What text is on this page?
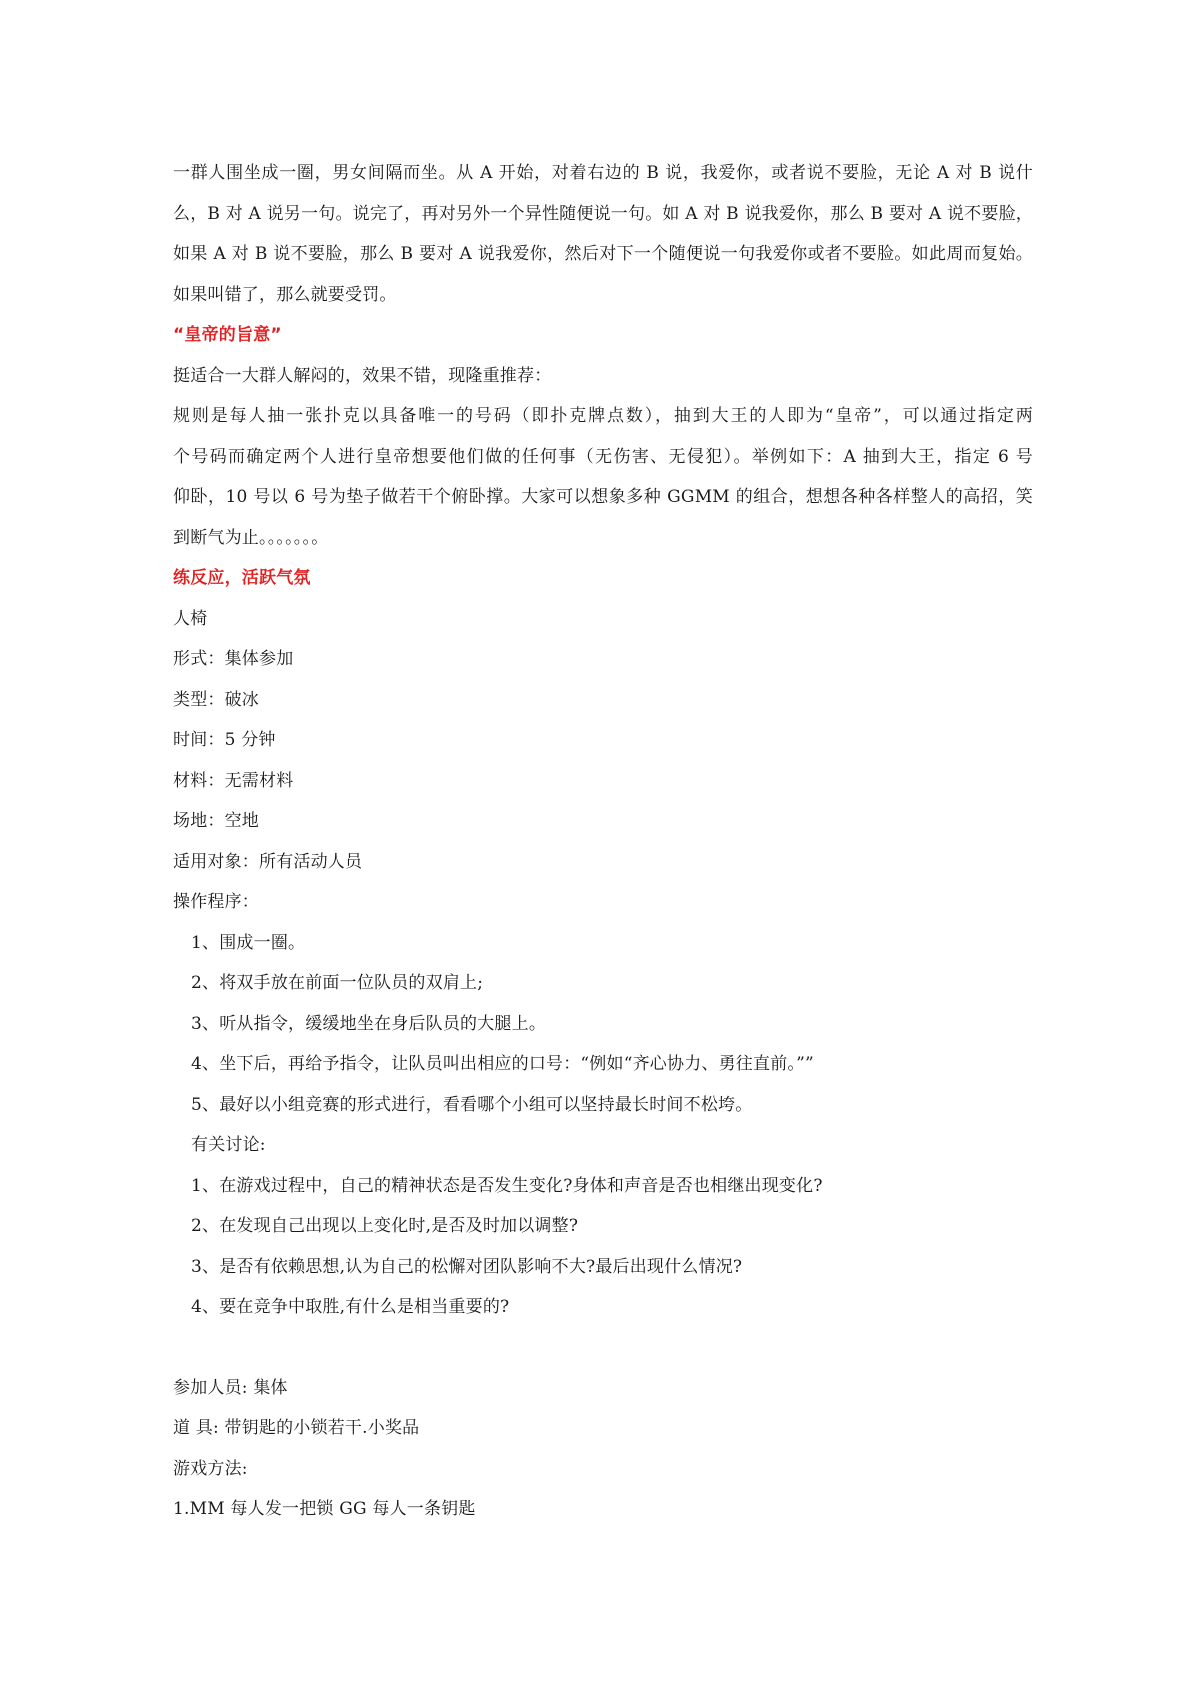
一群人围坐成一圈，男女间隔而坐。从 A 开始，对着右边的 B 说，我爱你，或者说不要脸，无论 A 对 B 说什
么，B 对 A 说另一句。说完了，再对另外一个异性随便说一句。如 A 对 B 说我爱你，那么 B 要对 A 说不要脸，
如果 A 对 B 说不要脸，那么 B 要对 A 说我爱你，然后对下一个随便说一句我爱你或者不要脸。如此周而复始。
如果叫错了，那么就要受罚。
“皇帝的旨意”
挺适合一大群人解闷的，效果不错，现隆重推荐：
规则是每人抽一张扑克以具备唯一的号码（即扑克牌点数），抽到大王的人即为“皇帝”，可以通过指定两
个号码而确定两个人进行皇帝想要他们做的任何事（无伤害、无侵犯）。举例如下：A 抽到大王，指定 6 号
仰卧，10 号以 6 号为垫子做若干个俯卧撑。大家可以想象多种 GGMM 的组合，想想各种各样整人的高招，笑
到断气为止。。。。。。。
练反应，活跃气氛
人椅
形式：集体参加
类型：破冰
时间：5 分钟
材料：无需材料
场地：空地
适用对象：所有活动人员
操作程序：
1、围成一圈。
2、将双手放在前面一位队员的双肩上;
3、听从指令，缓缓地坐在身后队员的大腿上。
4、坐下后，再给予指令，让队员叫出相应的口号：“例如“齐心协力、勇往直前。””
5、最好以小组竞赛的形式进行，看看哪个小组可以坚持最长时间不松垮。
有关讨论:
1、在游戏过程中，自己的精神状态是否发生变化?身体和声音是否也相继出现变化?
2、在发现自己出现以上变化时,是否及时加以调整?
3、是否有依赖思想,认为自己的松懈对团队影响不大?最后出现什么情况?
4、要在竞争中取胜,有什么是相当重要的?
参加人员: 集体
道 具: 带钥匙的小锁若干.小奖品
游戏方法:
1.MM 每人发一把锁 GG 每人一条钥匙
